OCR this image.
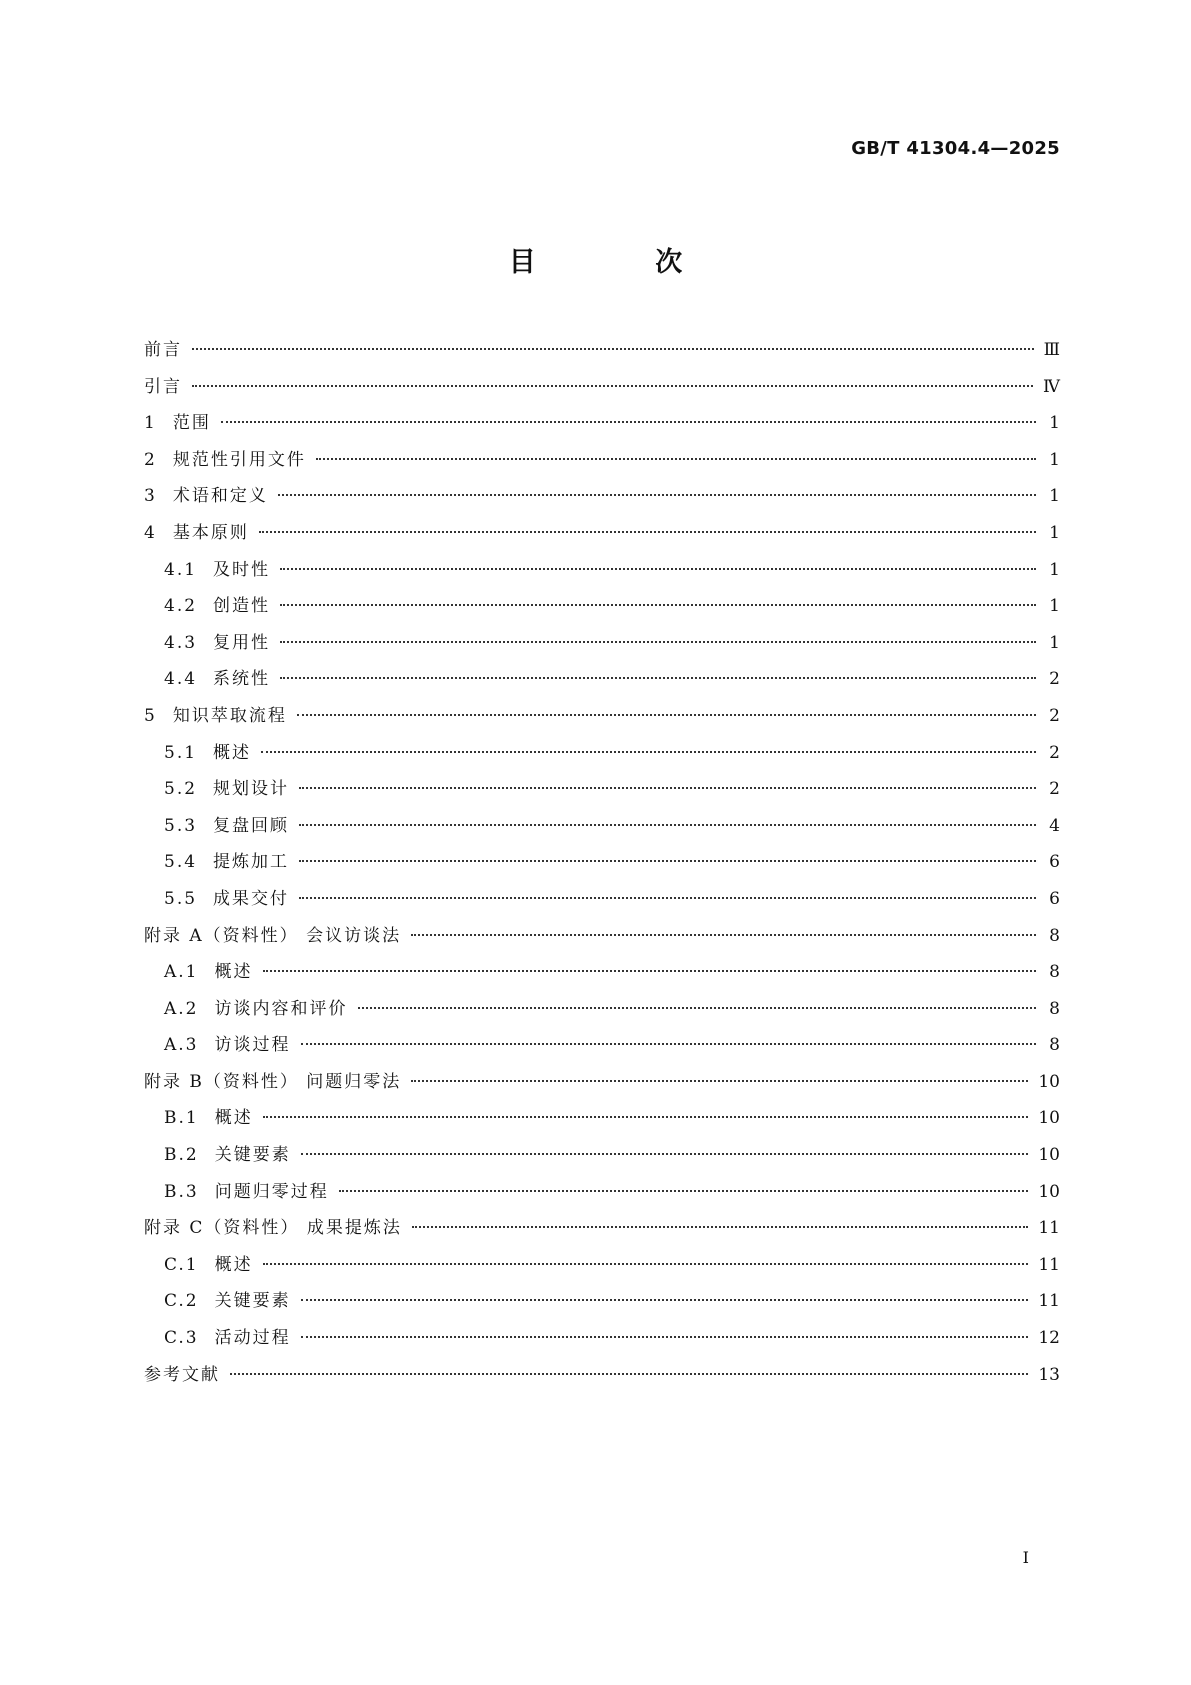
GB/T 41304.4—2025
目 次
前言	Ⅲ
引言	Ⅳ
1 范围	1
2 规范性引用文件	1
3 术语和定义	1
4 基本原则	1
4.1 及时性	1
4.2 创造性	1
4.3 复用性	1
4.4 系统性	2
5 知识萃取流程	2
5.1 概述	2
5.2 规划设计	2
5.3 复盘回顾	4
5.4 提炼加工	6
5.5 成果交付	6
附录 A（资料性） 会议访谈法	8
A.1 概述	8
A.2 访谈内容和评价	8
A.3 访谈过程	8
附录 B（资料性） 问题归零法	10
B.1 概述	10
B.2 关键要素	10
B.3 问题归零过程	10
附录 C（资料性） 成果提炼法	11
C.1 概述	11
C.2 关键要素	11
C.3 活动过程	12
参考文献	13
Ⅰ
